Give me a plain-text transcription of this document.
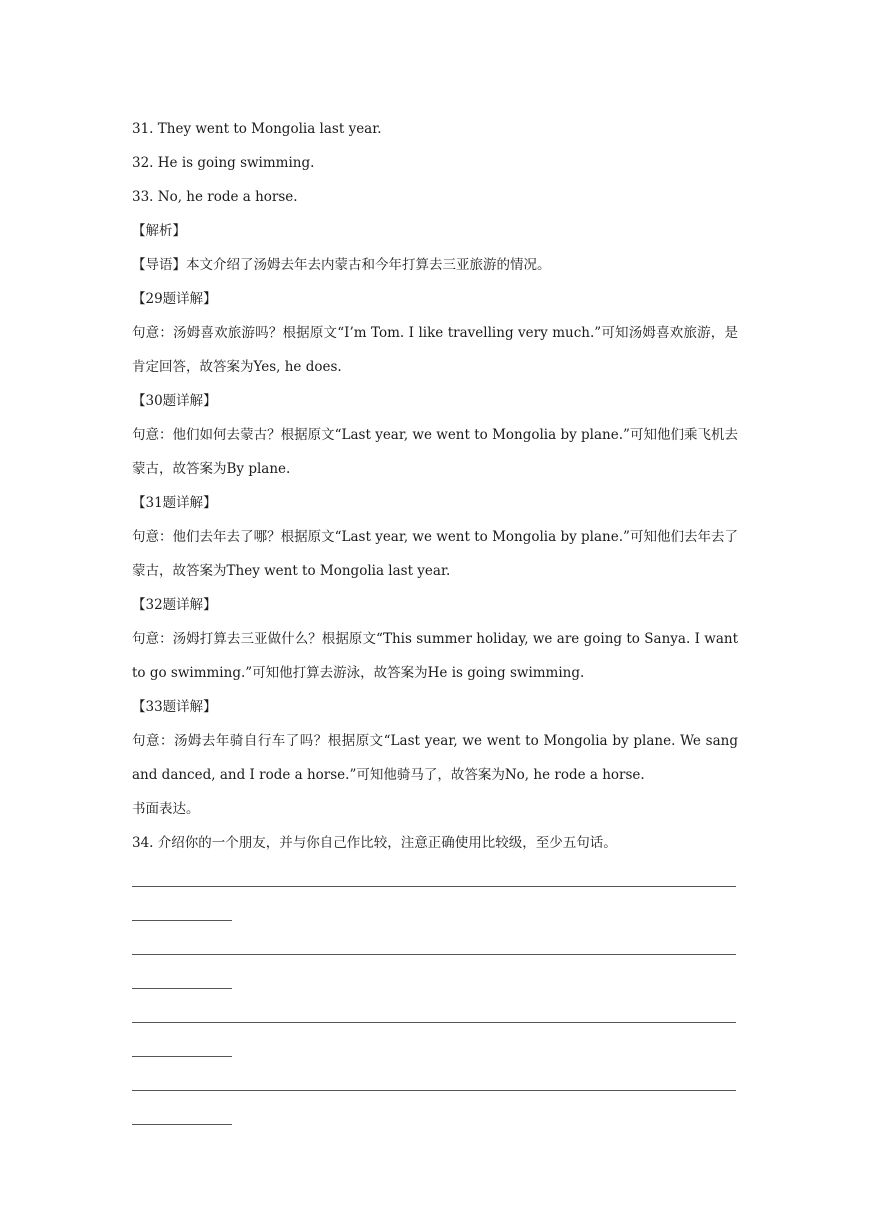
31. They went to Mongolia last year.
32. He is going swimming.
33. No, he rode a horse.
【解析】
【导语】本文介绍了汤姆去年去内蒙古和今年打算去三亚旅游的情况。
【29题详解】
句意：汤姆喜欢旅游吗？根据原文“I’m Tom. I like travelling very much.”可知汤姆喜欢旅游，是肯定回答，故答案为Yes, he does.
【30题详解】
句意：他们如何去蒙古？根据原文“Last year, we went to Mongolia by plane.”可知他们乘飞机去蒙古，故答案为By plane.
【31题详解】
句意：他们去年去了哪？根据原文“Last year, we went to Mongolia by plane.”可知他们去年去了蒙古，故答案为They went to Mongolia last year.
【32题详解】
句意：汤姆打算去三亚做什么？根据原文“This summer holiday, we are going to Sanya. I want to go swimming.”可知他打算去游泳，故答案为He is going swimming.
【33题详解】
句意：汤姆去年骑自行车了吗？根据原文“Last year, we went to Mongolia by plane. We sang and danced, and I rode a horse.”可知他骑马了，故答案为No, he rode a horse.
书面表达。
34. 介绍你的一个朋友，并与你自己作比较，注意正确使用比较级，至少五句话。
